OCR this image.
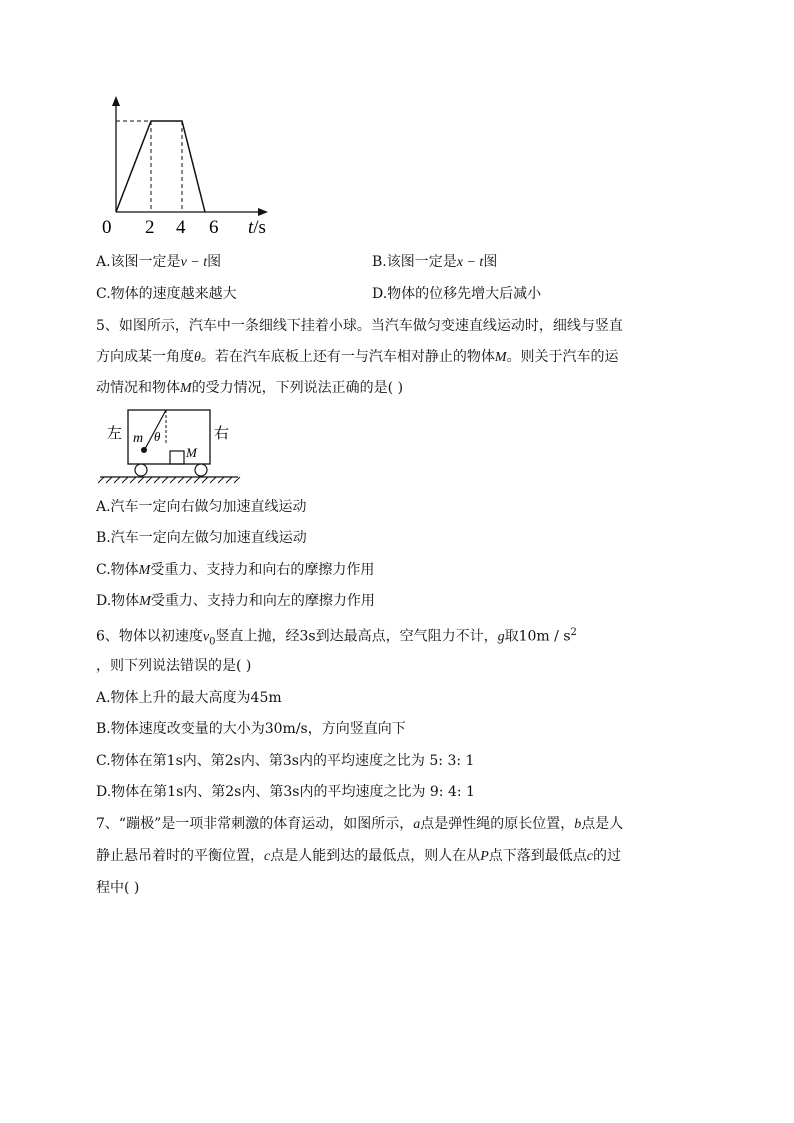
0 2 4 6 t/s
A.该图一定是v − t图	B.该图一定是x − t图
C.物体的速度越来越大	D.物体的位移先增大后减小
5、如图所示，汽车中一条细线下挂着小球。当汽车做匀变速直线运动时，细线与竖直
方向成某一角度θ。若在汽车底板上还有一与汽车相对静止的物体M。则关于汽车的运
动情况和物体M的受力情况，下列说法正确的是( )
左	右
m θ
M
A.汽车一定向右做匀加速直线运动
B.汽车一定向左做匀加速直线运动
C.物体M受重力、支持力和向右的摩擦力作用
D.物体M受重力、支持力和向左的摩擦力作用
6、物体以初速度$v_0$竖直上抛，经3s到达最高点，空气阻力不计，g取$10m / s^2$
，则下列说法错误的是( )
A.物体上升的最大高度为45m
B.物体速度改变量的大小为30m/s，方向竖直向下
C.物体在第1s内、第2s内、第3s内的平均速度之比为 5: 3: 1
D.物体在第1s内、第2s内、第3s内的平均速度之比为 9: 4: 1
7、“蹦极”是一项非常刺激的体育运动，如图所示，a点是弹性绳的原长位置，b点是人
静止悬吊着时的平衡位置，c点是人能到达的最低点，则人在从P点下落到最低点c的过
程中( )
